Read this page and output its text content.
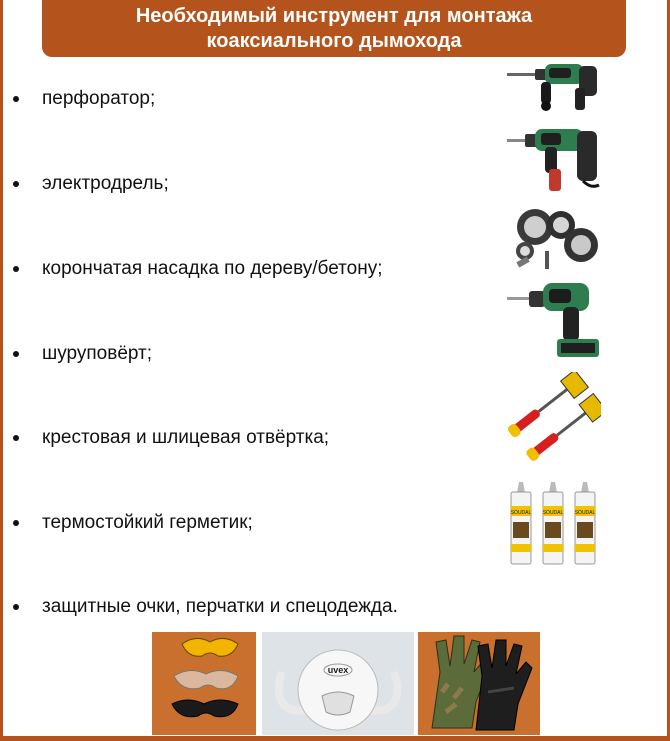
Необходимый инструмент для монтажа
коаксиального дымохода
перфоратор;
электродрель;
корончатая насадка по дереву/бетону;
шуруповёрт;
крестовая и шлицевая отвёртка;
термостойкий герметик;
защитные очки, перчатки и спецодежда.
SOUDAL SOUDAL SOUDAL
uvex
